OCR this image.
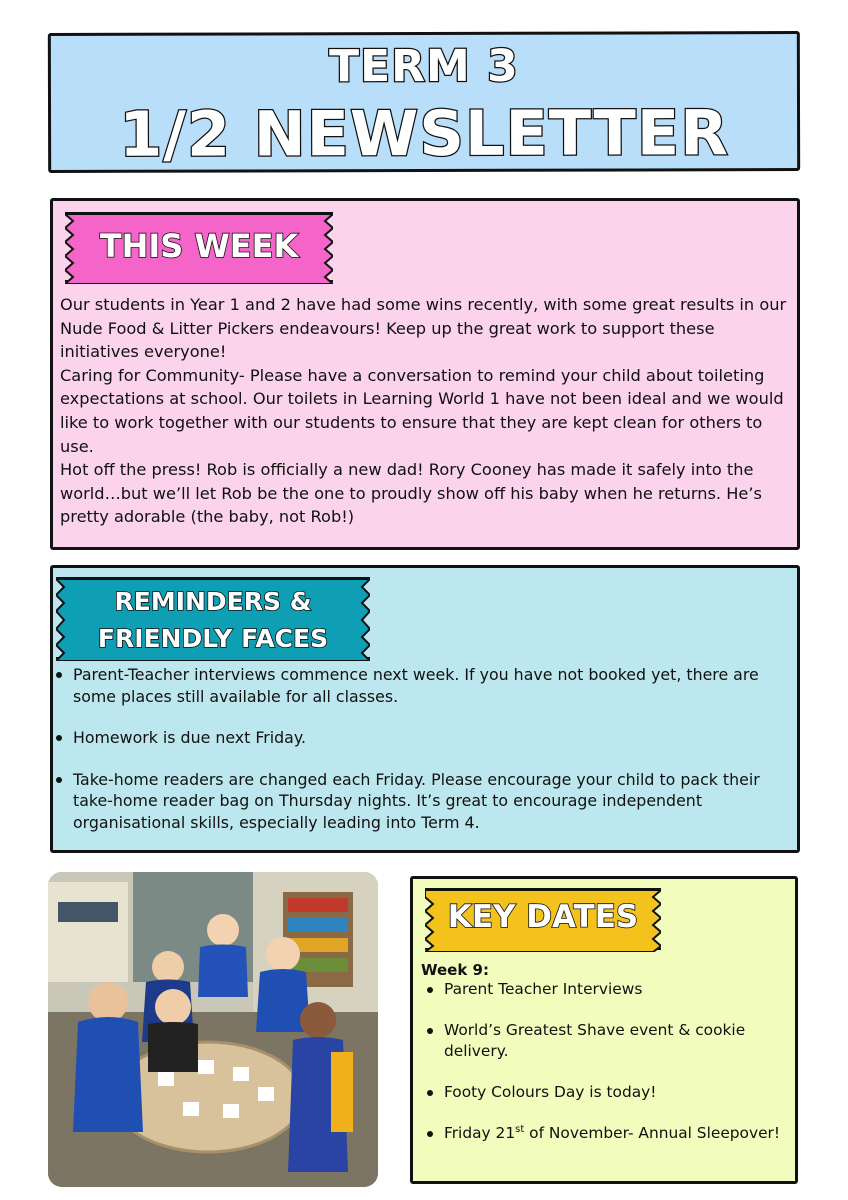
TERM 3
1/2 NEWSLETTER
THIS WEEK

Our students in Year 1 and 2 have had some wins recently, with some great results in our Nude Food & Litter Pickers endeavours! Keep up the great work to support these initiatives everyone!

Caring for Community- Please have a conversation to remind your child about toileting expectations at school. Our toilets in Learning World 1 have not been ideal and we would like to work together with our students to ensure that they are kept clean for others to use.

Hot off the press! Rob is officially a new dad! Rory Cooney has made it safely into the world…but we’ll let Rob be the one to proudly show off his baby when he returns. He’s pretty adorable (the baby, not Rob!)

REMINDERS &
FRIENDLY FACES
Parent-Teacher interviews commence next week. If you have not booked yet, there are some places still available for all classes.
Homework is due next Friday.
Take-home readers are changed each Friday. Please encourage your child to pack their take-home reader bag on Thursday nights. It’s great to encourage independent organisational skills, especially leading into Term 4.
KEY DATES
Week 9:
Parent Teacher Interviews
World’s Greatest Shave event & cookie delivery.
Footy Colours Day is today!
Friday 21st of November- Annual Sleepover!
